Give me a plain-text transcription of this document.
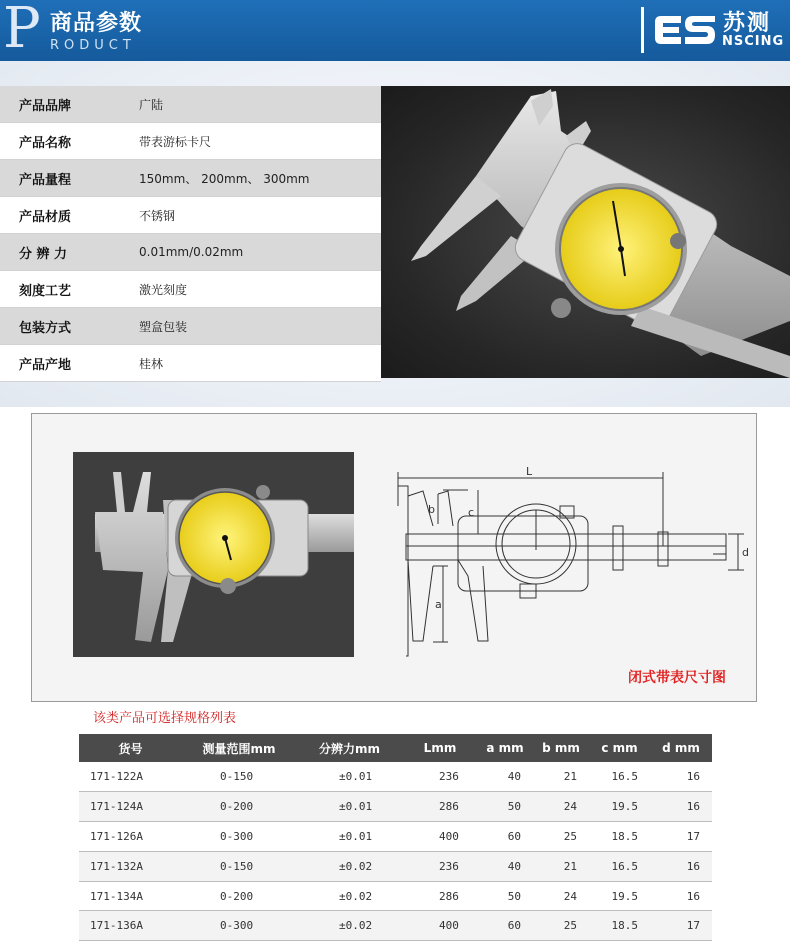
P 商品参数
RODUCT
苏测
NSCING
产品品牌	广陆
产品名称	带表游标卡尺
产品量程	150mm、 200mm、 300mm
产品材质	不锈钢
分 辨 力	0.01mm/0.02mm
刻度工艺	激光刻度
包装方式	塑盒包装
产品产地	桂林
L
b	c
a
d
闭式带表尺寸图
该类产品可选择规格列表
货号	测量范围mm	分辨力mm	Lmm	a mm	b mm	c mm	d mm
171-122A	0-150	±0.01	236	40	21	16.5	16
171-124A	0-200	±0.01	286	50	24	19.5	16
171-126A	0-300	±0.01	400	60	25	18.5	17
171-132A	0-150	±0.02	236	40	21	16.5	16
171-134A	0-200	±0.02	286	50	24	19.5	16
171-136A	0-300	±0.02	400	60	25	18.5	17
